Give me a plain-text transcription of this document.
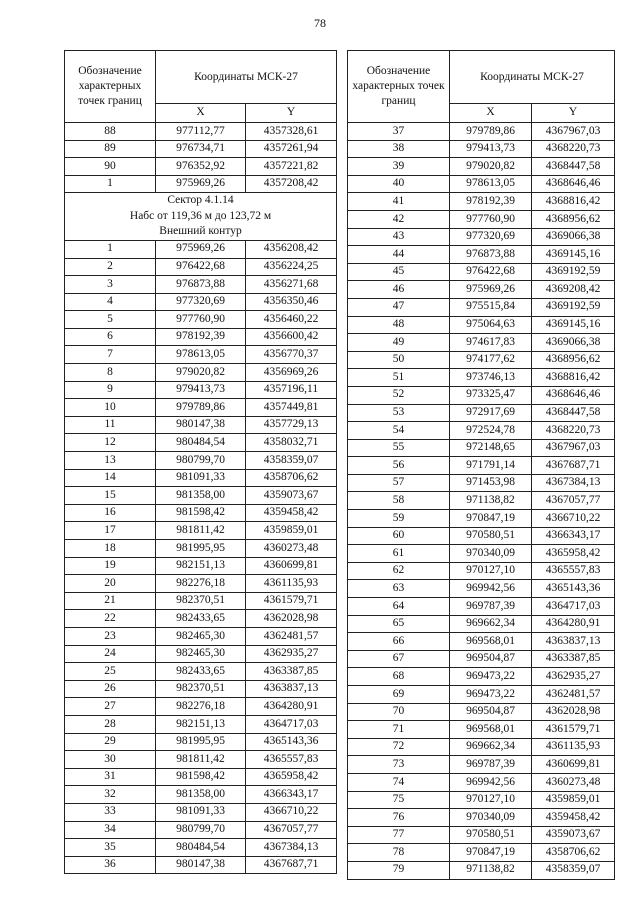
78
Обозначение характерных точек границ	Координаты МСК-27	
	X	Y
88	977112,77	4357328,61
89	976734,71	4357261,94
90	976352,92	4357221,82
1	975969,26	4357208,42

Сектор 4.1.14
Набс от 119,36 м до 123,72 м
Внешний контур		

1	975969,26	4356208,42
2	976422,68	4356224,25
3	976873,88	4356271,68
4	977320,69	4356350,46
5	977760,90	4356460,22
6	978192,39	4356600,42
7	978613,05	4356770,37
8	979020,82	4356969,26
9	979413,73	4357196,11
10	979789,86	4357449,81
11	980147,38	4357729,13
12	980484,54	4358032,71
13	980799,70	4358359,07
14	981091,33	4358706,62
15	981358,00	4359073,67
16	981598,42	4359458,42
17	981811,42	4359859,01
18	981995,95	4360273,48
19	982151,13	4360699,81
20	982276,18	4361135,93
21	982370,51	4361579,71
22	982433,65	4362028,98
23	982465,30	4362481,57
24	982465,30	4362935,27
25	982433,65	4363387,85
26	982370,51	4363837,13
27	982276,18	4364280,91
28	982151,13	4364717,03
29	981995,95	4365143,36
30	981811,42	4365557,83
31	981598,42	4365958,42
32	981358,00	4366343,17
33	981091,33	4366710,22
34	980799,70	4367057,77
35	980484,54	4367384,13
36	980147,38	4367687,71
Обозначение характерных точек границ	Координаты МСК-27	
	X	Y
37	979789,86	4367967,03
38	979413,73	4368220,73
39	979020,82	4368447,58
40	978613,05	4368646,46
41	978192,39	4368816,42
42	977760,90	4368956,62
43	977320,69	4369066,38
44	976873,88	4369145,16
45	976422,68	4369192,59
46	975969,26	4369208,42
47	975515,84	4369192,59
48	975064,63	4369145,16
49	974617,83	4369066,38
50	974177,62	4368956,62
51	973746,13	4368816,42
52	973325,47	4368646,46
53	972917,69	4368447,58
54	972524,78	4368220,73
55	972148,65	4367967,03
56	971791,14	4367687,71
57	971453,98	4367384,13
58	971138,82	4367057,77
59	970847,19	4366710,22
60	970580,51	4366343,17
61	970340,09	4365958,42
62	970127,10	4365557,83
63	969942,56	4365143,36
64	969787,39	4364717,03
65	969662,34	4364280,91
66	969568,01	4363837,13
67	969504,87	4363387,85
68	969473,22	4362935,27
69	969473,22	4362481,57
70	969504,87	4362028,98
71	969568,01	4361579,71
72	969662,34	4361135,93
73	969787,39	4360699,81
74	969942,56	4360273,48
75	970127,10	4359859,01
76	970340,09	4359458,42
77	970580,51	4359073,67
78	970847,19	4358706,62
79	971138,82	4358359,07
